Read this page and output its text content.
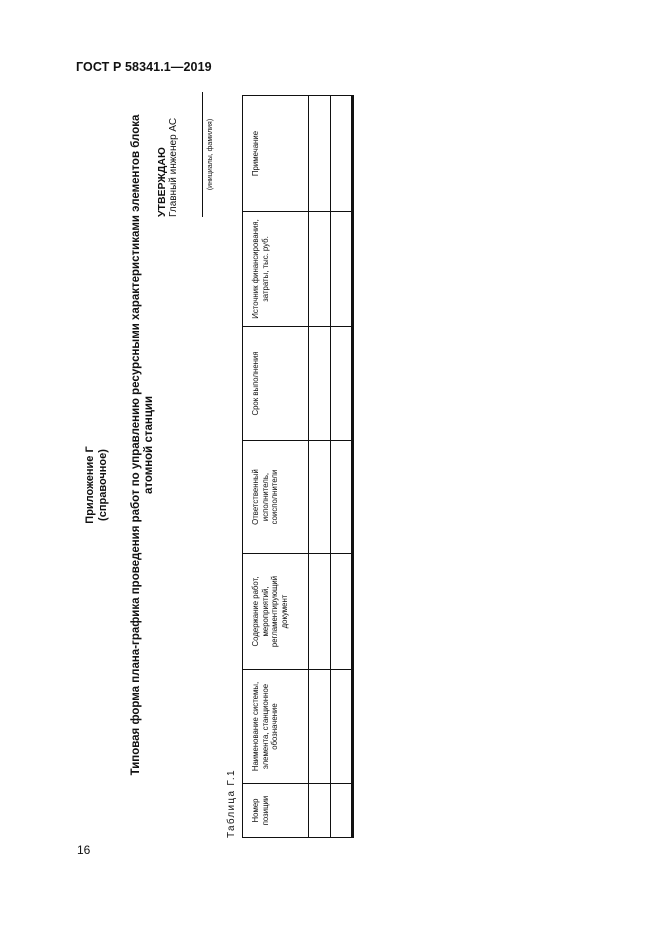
ГОСТ Р 58341.1—2019
Приложение Г (справочное) Типовая форма плана-графика проведения работ по управлению ресурсными характеристиками элементов блока атомной станции
УТВЕРЖДАЮ Главный инженер АС	(инициалы, фамилия)
Таблица Г.1 Номер позиции	Наименование системы, элемента, станционное обозначение	Содержание работ, мероприятий, регламентирующий документ	Ответственный исполнитель, соисполнители	Срок выполнения	Источник финансирования, затраты, тыс. руб.	Примечание

16
